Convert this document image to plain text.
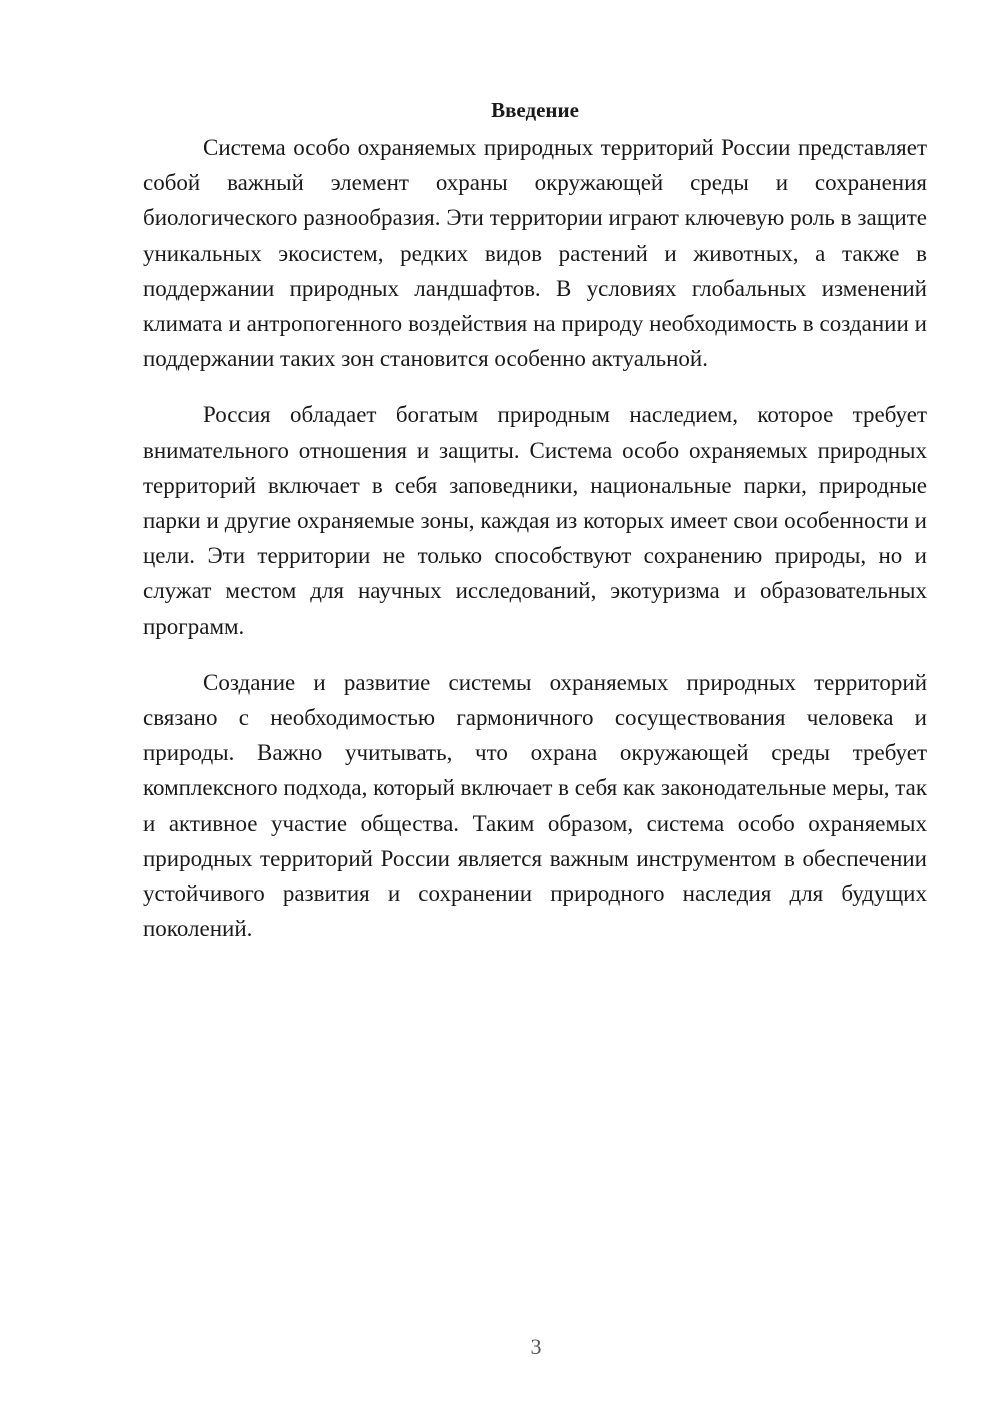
Введение

Система особо охраняемых природных территорий России представляет собой важный элемент охраны окружающей среды и сохранения биологического разнообразия. Эти территории играют ключевую роль в защите уникальных экосистем, редких видов растений и животных, а также в поддержании природных ландшафтов. В условиях глобальных изменений климата и антропогенного воздействия на природу необходимость в создании и поддержании таких зон становится особенно актуальной.

Россия обладает богатым природным наследием, которое требует внимательного отношения и защиты. Система особо охраняемых природных территорий включает в себя заповедники, национальные парки, природные парки и другие охраняемые зоны, каждая из которых имеет свои особенности и цели. Эти территории не только способствуют сохранению природы, но и служат местом для научных исследований, экотуризма и образовательных программ.

Создание и развитие системы охраняемых природных территорий связано с необходимостью гармоничного сосуществования человека и природы. Важно учитывать, что охрана окружающей среды требует комплексного подхода, который включает в себя как законодательные меры, так и активное участие общества. Таким образом, система особо охраняемых природных территорий России является важным инструментом в обеспечении устойчивого развития и сохранении природного наследия для будущих поколений.

3
